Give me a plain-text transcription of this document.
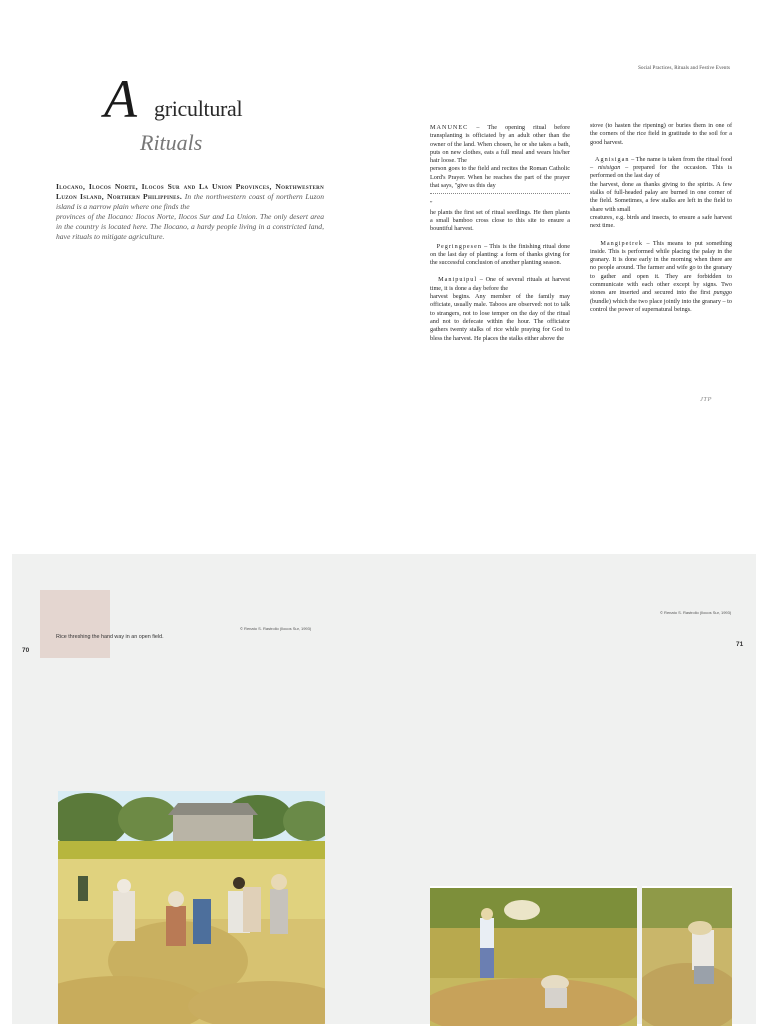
Social Practices, Rituals and Festive Events
A gricultural
Rituals
Ilocano, Ilocos Norte, Ilocos Sur and La Union Provinces, Northwestern Luzon Island, Northern Philippines. In the northwestern coast of northern Luzon island is a narrow plain where one finds the
provinces of the Ilocano: Ilocos Norte, Ilocos Sur and La Union. The only desert area in the country is located here. The Ilocano, a hardy people living in a constricted land, have rituals to mitigate agriculture.

MANUNEC – The opening ritual before transplanting is officiated by an adult other than the owner of the land. When chosen, he or she takes a bath, puts on new clothes, eats a full meal and wears his/her hair loose. The
person goes to the field and recites the Roman Catholic Lord's Prayer. When he reaches the part of the prayer that says, "give us this day
"
he plants the first set of ritual seedlings. He then plants a small bamboo cross close to this site to ensure a bountiful harvest.

Pegringpesen – This is the finishing ritual done on the last day of planting: a form of thanks giving for the successful conclusion of another planting season.

Manipuipul – One of several rituals at harvest time, it is done a day before the
harvest begins. Any member of the family may officiate, usually male. Taboos are observed: not to talk to strangers, not to lose temper on the day of the ritual and not to defecate within the hour. The officiator gathers twenty stalks of rice while praying for God to bless the harvest. He places the stalks either above the

stove (to hasten the ripening) or buries them in one of the corners of the rice field in gratitude to the soil for a good harvest.

Agnisigan – The name is taken from the ritual food – nisisigan – prepared for the occasion. This is performed on the last day of
the harvest, done as thanks giving to the spirits. A few stalks of full-headed palay are burned in one corner of the field. Sometimes, a few stalks are left in the field to share with small
creatures, e.g. birds and insects, to ensure a safe harvest next time.

Mangipetrek – This means to put something inside. This is performed while placing the palay in the granary. It is done early in the morning when there are no people around. The farmer and wife go to the granary to gather and open it. They are forbidden to communicate with each other except by signs. Two stones are inserted and secured into the first punggo (bundle) which the two place jointly into the granary – to control the power of supernatural beings.

JTP
Rice threshing the hand way in an open field.
© Renato S. Rastrollo (Ilocos Sur, 1993)
© Renato S. Rastrollo (Ilocos Sur, 1993)
70
71
